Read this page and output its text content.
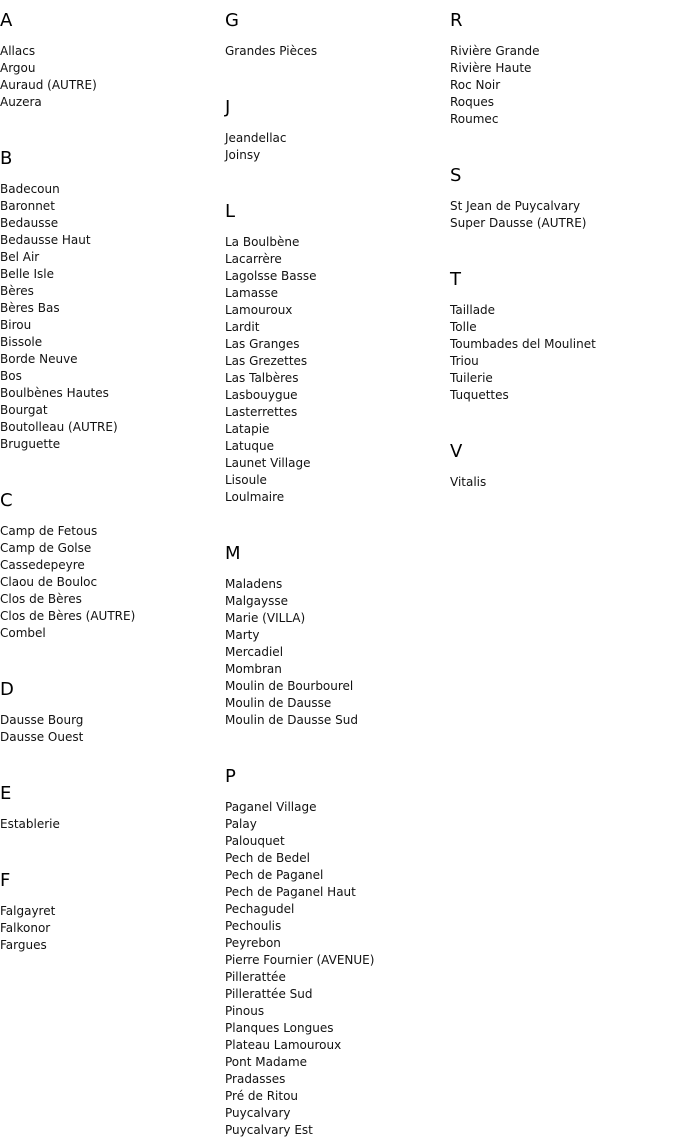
A
Allacs
Argou
Auraud (AUTRE)
Auzera
B
Badecoun
Baronnet
Bedausse
Bedausse Haut
Bel Air
Belle Isle
Bères
Bères Bas
Birou
Bissole
Borde Neuve
Bos
Boulbènes Hautes
Bourgat
Boutolleau (AUTRE)
Bruguette
C
Camp de Fetous
Camp de Golse
Cassedepeyre
Claou de Bouloc
Clos de Bères
Clos de Bères (AUTRE)
Combel
D
Dausse Bourg
Dausse Ouest
E
Establerie
F
Falgayret
Falkonor
Fargues
G
Grandes Pièces
J
Jeandellac
Joinsy
L
La Boulbène
Lacarrère
Lagolsse Basse
Lamasse
Lamouroux
Lardit
Las Granges
Las Grezettes
Las Talbères
Lasbouygue
Lasterrettes
Latapie
Latuque
Launet Village
Lisoule
Loulmaire
M
Maladens
Malgaysse
Marie (VILLA)
Marty
Mercadiel
Mombran
Moulin de Bourbourel
Moulin de Dausse
Moulin de Dausse Sud
P
Paganel Village
Palay
Palouquet
Pech de Bedel
Pech de Paganel
Pech de Paganel Haut
Pechagudel
Pechoulis
Peyrebon
Pierre Fournier (AVENUE)
Pillerattée
Pillerattée Sud
Pinous
Planques Longues
Plateau Lamouroux
Pont Madame
Pradasses
Pré de Ritou
Puycalvary
Puycalvary Est
R
Rivière Grande
Rivière Haute
Roc Noir
Roques
Roumec
S
St Jean de Puycalvary
Super Dausse (AUTRE)
T
Taillade
Tolle
Toumbades del Moulinet
Triou
Tuilerie
Tuquettes
V
Vitalis
